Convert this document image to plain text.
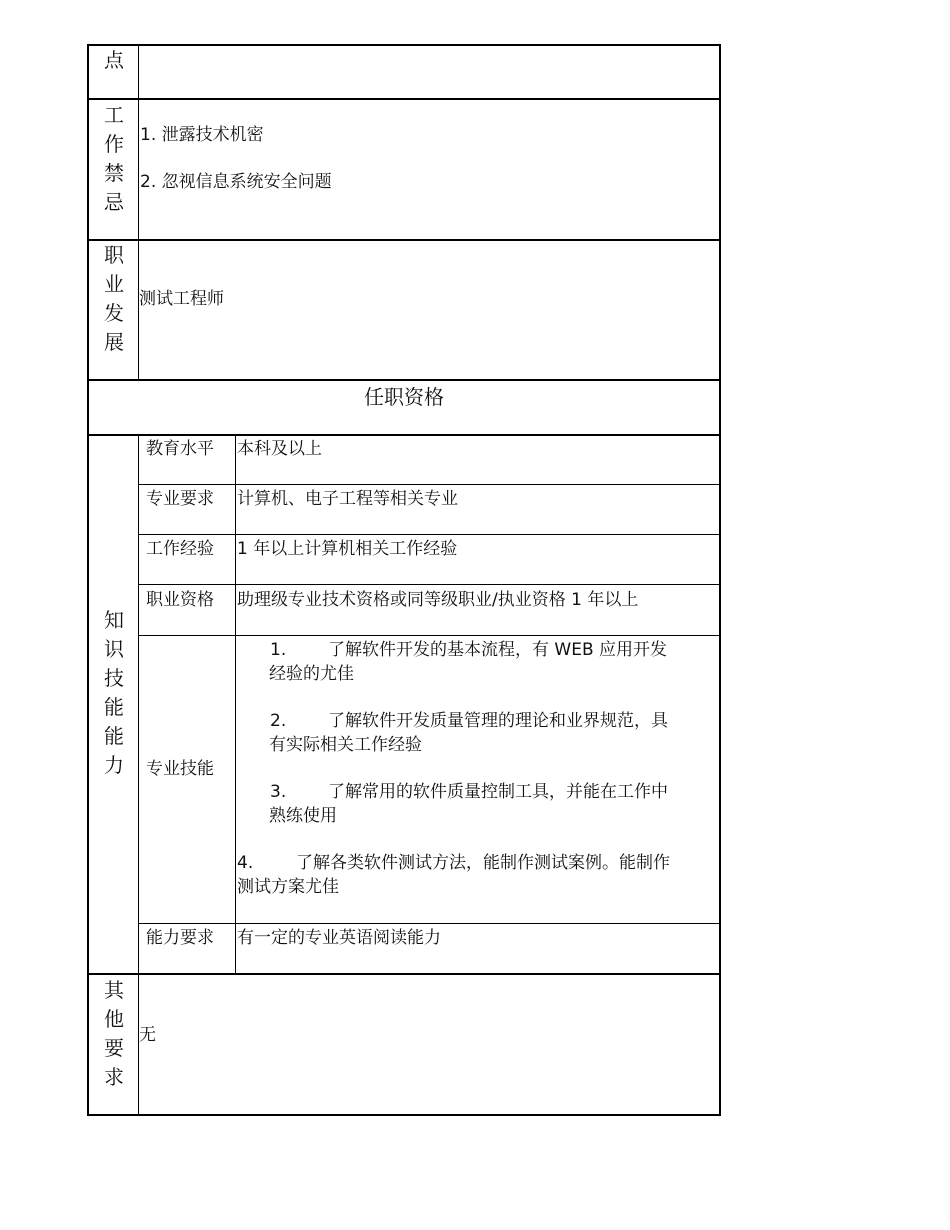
点
工
作
禁
忌
1. 泄露技术机密
2. 忽视信息系统安全问题
职
业
发
展
测试工程师
任职资格
知
识
技
能
能
力
教育水平 本科及以上
专业要求 计算机、电子工程等相关专业
工作经验 1 年以上计算机相关工作经验
职业资格 助理级专业技术资格或同等级职业/执业资格 1 年以上
专业技能
1. 了解软件开发的基本流程，有 WEB 应用开发
经验的尤佳
2. 了解软件开发质量管理的理论和业界规范，具
有实际相关工作经验
3. 了解常用的软件质量控制工具，并能在工作中
熟练使用
4.	了解各类软件测试方法，能制作测试案例。能制作
测试方案尤佳
能力要求 有一定的专业英语阅读能力
其
他
要
求
无
